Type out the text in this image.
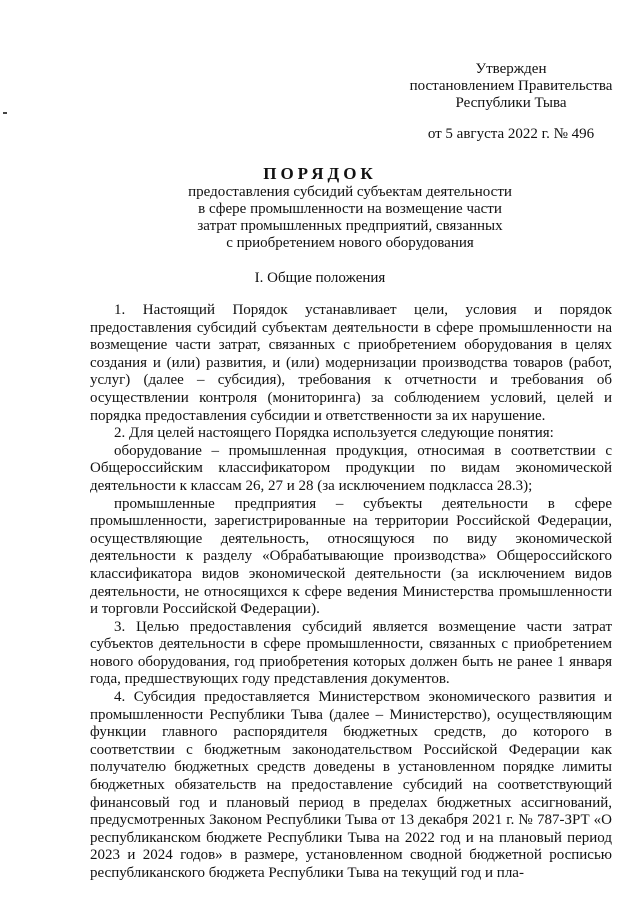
Утвержден
постановлением Правительства
Республики Тыва
от 5 августа 2022 г. № 496
ПОРЯДОК
предоставления субсидий субъектам деятельности
в сфере промышленности на возмещение части
затрат промышленных предприятий, связанных
с приобретением нового оборудования
I. Общие положения

1. Настоящий Порядок устанавливает цели, условия и порядок предоставления субсидий субъектам деятельности в сфере промышленности на возмещение части затрат, связанных с приобретением оборудования в целях создания и (или) развития, и (или) модернизации производства товаров (работ, услуг) (далее – субсидия), требования к отчетности и требования об осуществлении контроля (мониторинга) за соблюдением условий, целей и порядка предоставления субсидии и ответственности за их нарушение.

2. Для целей настоящего Порядка используется следующие понятия:

оборудование – промышленная продукция, относимая в соответствии с Общероссийским классификатором продукции по видам экономической деятельности к классам 26, 27 и 28 (за исключением подкласса 28.3);

промышленные предприятия – субъекты деятельности в сфере промышленности, зарегистрированные на территории Российской Федерации, осуществляющие деятельность, относящуюся по виду экономической деятельности к разделу «Обрабатывающие производства» Общероссийского классификатора видов экономической деятельности (за исключением видов деятельности, не относящихся к сфере ведения Министерства промышленности и торговли Российской Федерации).

3. Целью предоставления субсидий является возмещение части затрат субъектов деятельности в сфере промышленности, связанных с приобретением нового оборудования, год приобретения которых должен быть не ранее 1 января года, предшествующих году представления документов.

4. Субсидия предоставляется Министерством экономического развития и промышленности Республики Тыва (далее – Министерство), осуществляющим функции главного распорядителя бюджетных средств, до которого в соответствии с бюджетным законодательством Российской Федерации как получателю бюджетных средств доведены в установленном порядке лимиты бюджетных обязательств на предоставление субсидий на соответствующий финансовый год и плановый период в пределах бюджетных ассигнований, предусмотренных Законом Республики Тыва от 13 декабря 2021 г. № 787-ЗРТ «О республиканском бюджете Республики Тыва на 2022 год и на плановый период 2023 и 2024 годов» в размере, установленном сводной бюджетной росписью республиканского бюджета Республики Тыва на текущий год и пла-
